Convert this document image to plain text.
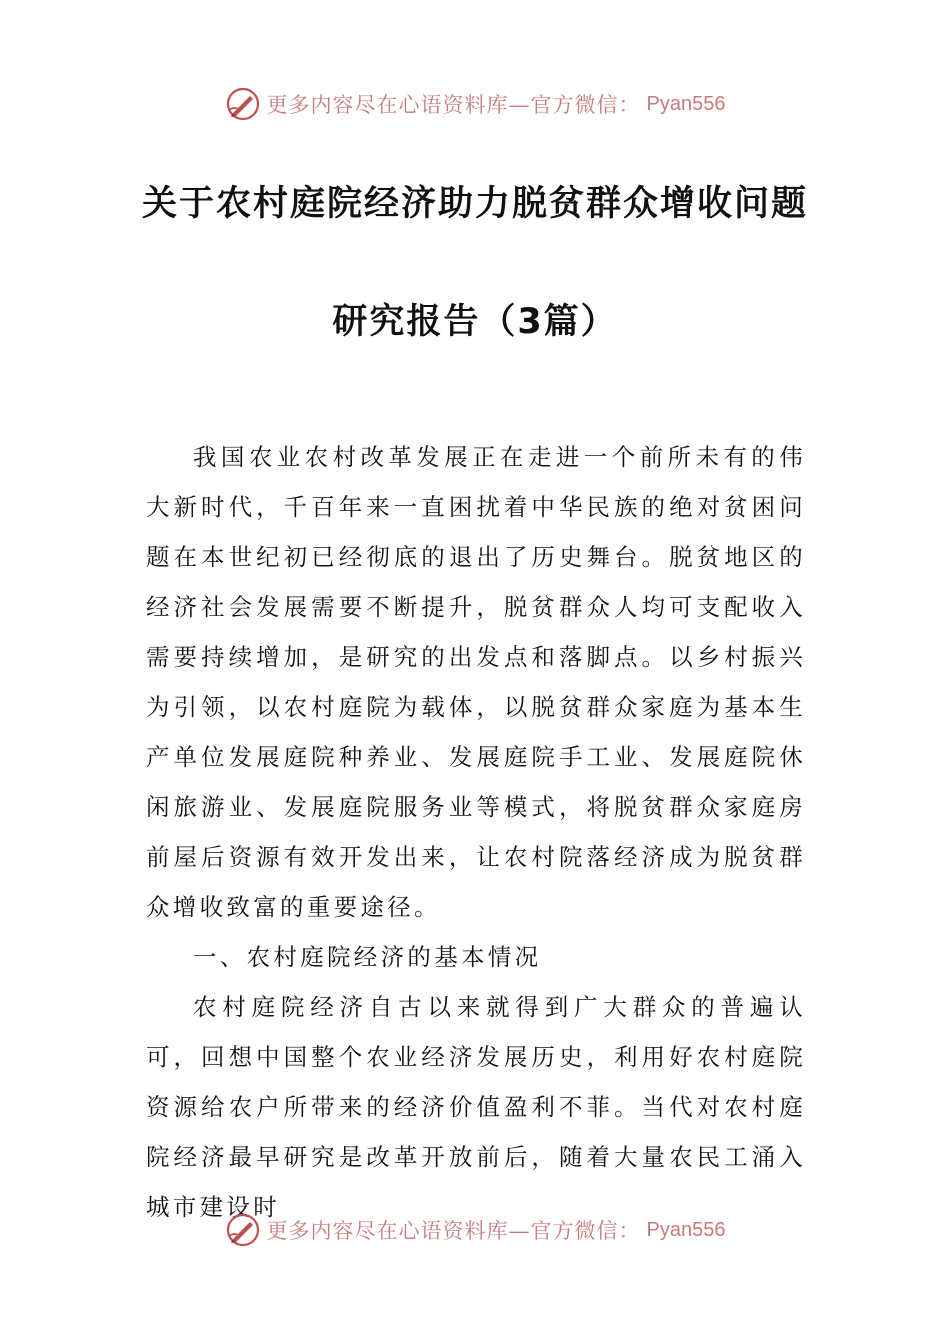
更多内容尽在心语资料库—官方微信： Pyan556
关于农村庭院经济助力脱贫群众增收问题
研究报告（3篇）

我国农业农村改革发展正在走进一个前所未有的伟大新时代，千百年来一直困扰着中华民族的绝对贫困问题在本世纪初已经彻底的退出了历史舞台。脱贫地区的经济社会发展需要不断提升，脱贫群众人均可支配收入需要持续增加，是研究的出发点和落脚点。以乡村振兴为引领，以农村庭院为载体，以脱贫群众家庭为基本生产单位发展庭院种养业、发展庭院手工业、发展庭院休闲旅游业、发展庭院服务业等模式，将脱贫群众家庭房前屋后资源有效开发出来，让农村院落经济成为脱贫群众增收致富的重要途径。

一、农村庭院经济的基本情况

农村庭院经济自古以来就得到广大群众的普遍认可，回想中国整个农业经济发展历史，利用好农村庭院资源给农户所带来的经济价值盈利不菲。当代对农村庭院经济最早研究是改革开放前后，随着大量农民工涌入城市建设时

更多内容尽在心语资料库—官方微信： Pyan556
